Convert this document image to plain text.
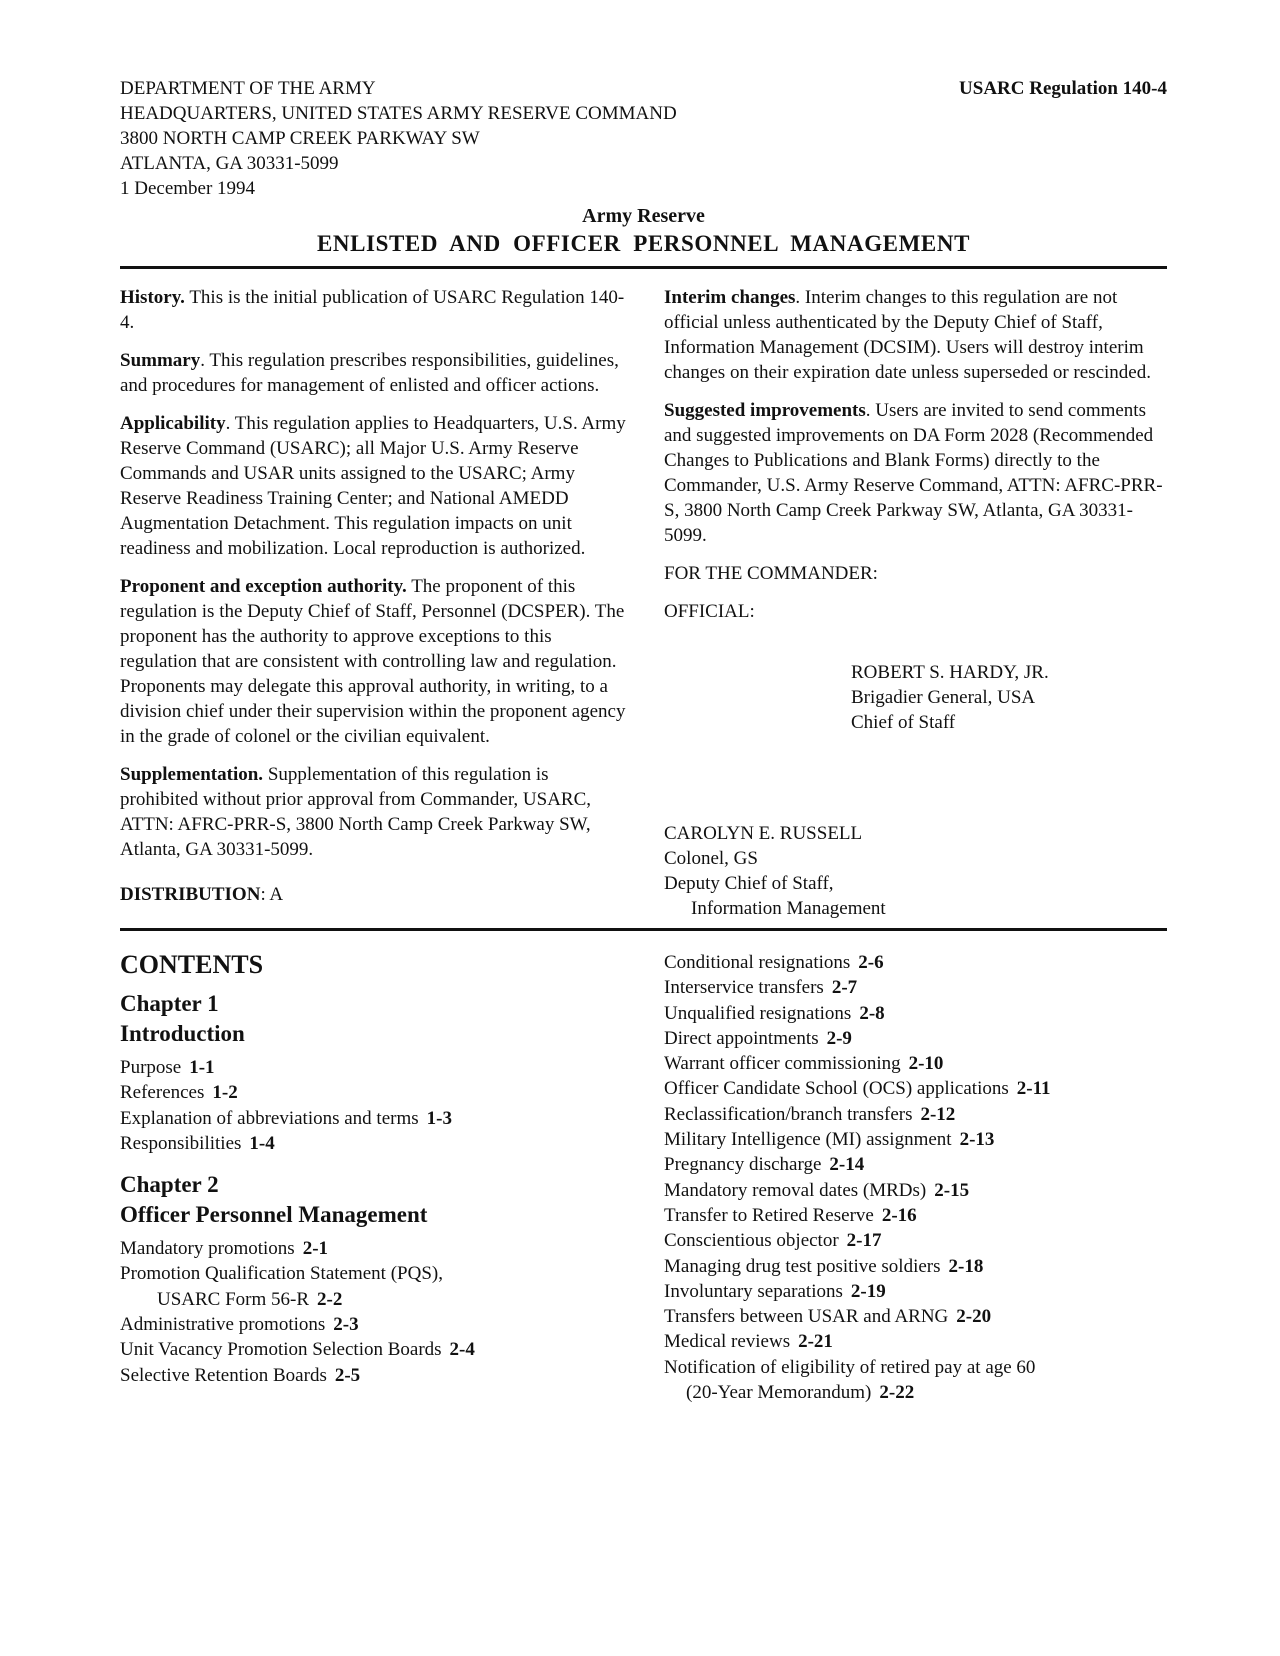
DEPARTMENT OF THE ARMY

HEADQUARTERS, UNITED STATES ARMY RESERVE COMMAND

3800 NORTH CAMP CREEK PARKWAY SW

ATLANTA, GA 30331-5099

1 December 1994

USARC Regulation 140-4
Army Reserve
ENLISTED AND OFFICER PERSONNEL MANAGEMENT

History. This is the initial publication of USARC Regulation 140-4.

Summary. This regulation prescribes responsibilities, guidelines, and procedures for management of enlisted and officer actions.

Applicability. This regulation applies to Headquarters, U.S. Army Reserve Command (USARC); all Major U.S. Army Reserve Commands and USAR units assigned to the USARC; Army Reserve Readiness Training Center; and National AMEDD Augmentation Detachment. This regulation impacts on unit readiness and mobilization. Local reproduction is authorized.

Proponent and exception authority. The proponent of this regulation is the Deputy Chief of Staff, Personnel (DCSPER). The proponent has the authority to approve exceptions to this regulation that are consistent with controlling law and regulation. Proponents may delegate this approval authority, in writing, to a division chief under their supervision within the proponent agency in the grade of colonel or the civilian equivalent.

Supplementation. Supplementation of this regulation is prohibited without prior approval from Commander, USARC, ATTN: AFRC-PRR-S, 3800 North Camp Creek Parkway SW, Atlanta, GA 30331-5099.

DISTRIBUTION: A

Interim changes. Interim changes to this regulation are not official unless authenticated by the Deputy Chief of Staff, Information Management (DCSIM). Users will destroy interim changes on their expiration date unless superseded or rescinded.

Suggested improvements. Users are invited to send comments and suggested improvements on DA Form 2028 (Recommended Changes to Publications and Blank Forms) directly to the Commander, U.S. Army Reserve Command, ATTN: AFRC-PRR-S, 3800 North Camp Creek Parkway SW, Atlanta, GA 30331-5099.

FOR THE COMMANDER:

OFFICIAL:

ROBERT S. HARDY, JR.

Brigadier General, USA

Chief of Staff

CAROLYN E. RUSSELL

Colonel, GS

Deputy Chief of Staff,

Information Management

CONTENTS

Chapter 1

Introduction

Purpose 1-1

References 1-2

Explanation of abbreviations and terms 1-3

Responsibilities 1-4

Chapter 2

Officer Personnel Management

Mandatory promotions 2-1

Promotion Qualification Statement (PQS),

USARC Form 56-R 2-2

Administrative promotions 2-3

Unit Vacancy Promotion Selection Boards 2-4

Selective Retention Boards 2-5

Conditional resignations 2-6

Interservice transfers 2-7

Unqualified resignations 2-8

Direct appointments 2-9

Warrant officer commissioning 2-10

Officer Candidate School (OCS) applications 2-11

Reclassification/branch transfers 2-12

Military Intelligence (MI) assignment 2-13

Pregnancy discharge 2-14

Mandatory removal dates (MRDs) 2-15

Transfer to Retired Reserve 2-16

Conscientious objector 2-17

Managing drug test positive soldiers 2-18

Involuntary separations 2-19

Transfers between USAR and ARNG 2-20

Medical reviews 2-21

Notification of eligibility of retired pay at age 60

(20-Year Memorandum) 2-22
